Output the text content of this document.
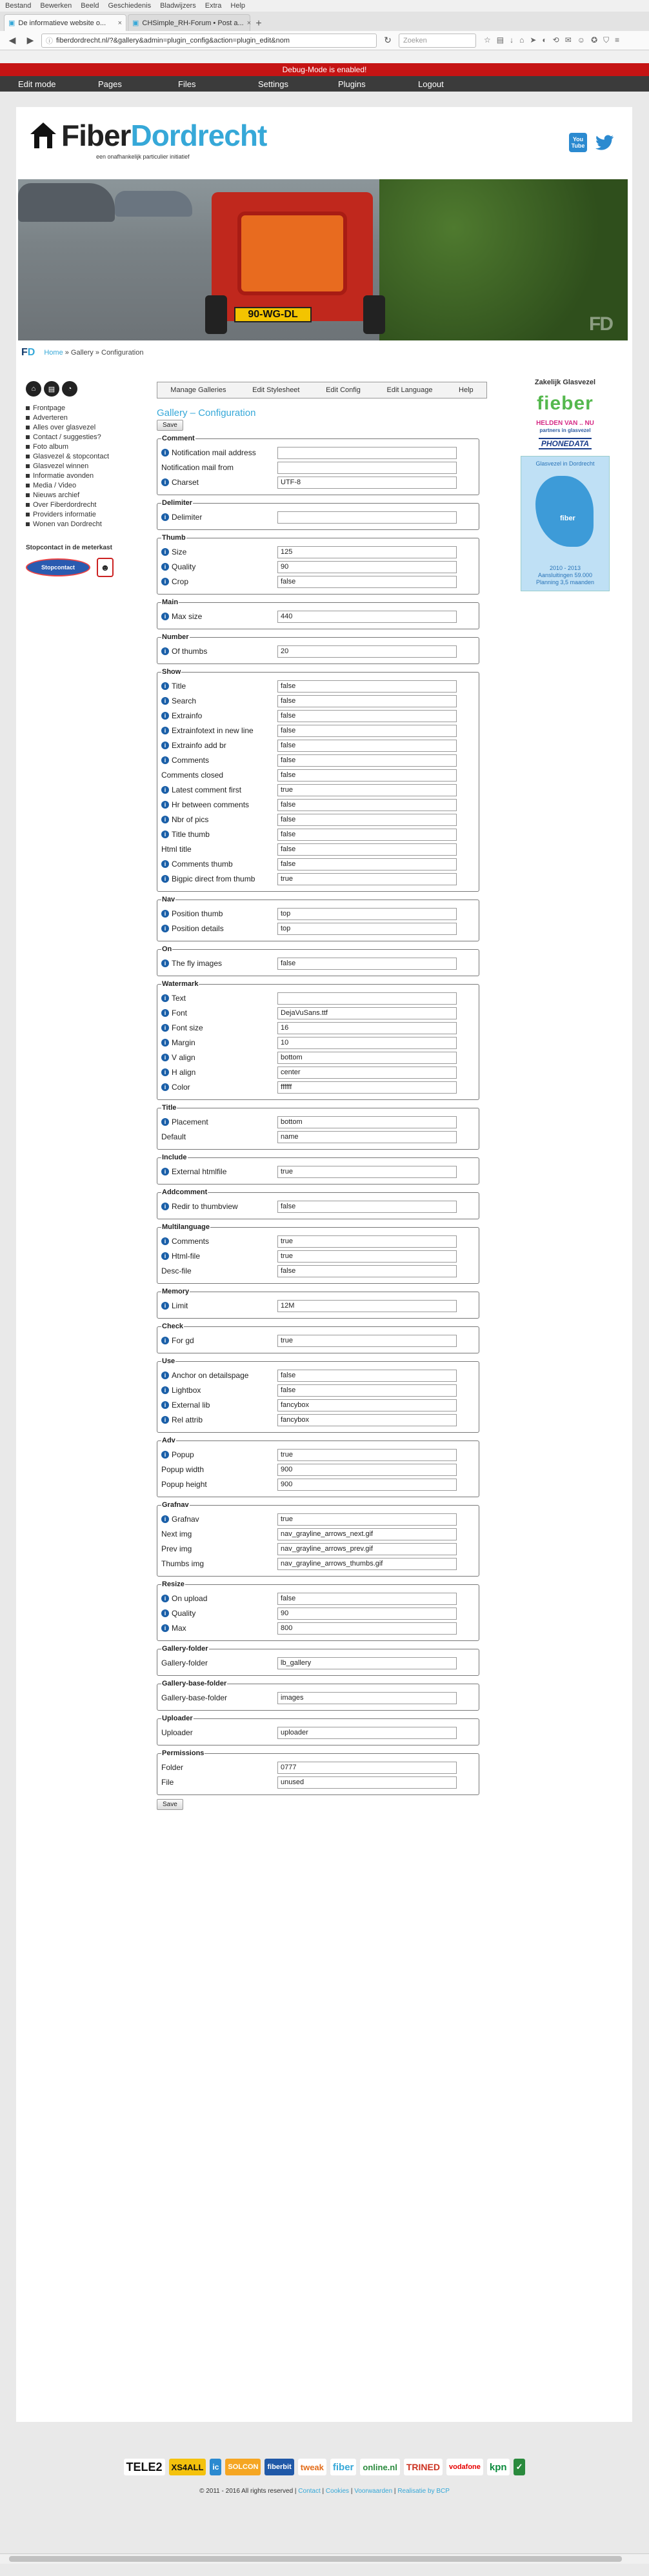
Bestand Bewerken Beeld Geschiedenis Bladwijzers Extra Help
▣ De informatieve website o... × ▣ CHSimple_RH-Forum • Post a... × +
◀	▶	ⓘ fiberdordrecht.nl/?&gallery&admin=plugin_config&action=plugin_edit&nom	↻	Zoeken	☆ ▤ ↓ ⌂ ➤ ◐ ⟲ ✉ ☺ ✪ ⛉ ≡
Debug-Mode is enabled!
Edit mode	Pages	Files	Settings	Plugins	Logout
FiberDordrecht
een onafhankelijk particulier initiatief
You Tube
90-WG-DL	FD
FD Home » Gallery » Configuration
⌂	▤	◔
Frontpage
Adverteren
Alles over glasvezel
Contact / suggesties?
Foto album
Glasvezel & stopcontact
Glasvezel winnen
Informatie avonden
Media / Video
Nieuws archief
Over Fiberdordrecht
Providers informatie
Wonen van Dordrecht
Stopcontact in de meterkast
Stopcontact	☻
Manage Galleries	Edit Stylesheet	Edit Config	Edit Language	Help
Gallery – Configuration
Save
Comment
i Notification mail address
Notification mail from
i Charset	UTF-8
Delimiter
i Delimiter
Thumb
i Size	125
i Quality	90
i Crop	false
Main
i Max size	440
Number
i Of thumbs	20
Show
i Title	false
i Search	false
i Extrainfo	false
i Extrainfotext in new line	false
i Extrainfo add br	false
i Comments	false
Comments closed	false
i Latest comment first	true
i Hr between comments	false
i Nbr of pics	false
i Title thumb	false
Html title	false
i Comments thumb	false
i Bigpic direct from thumb	true
Nav
i Position thumb	top
i Position details	top
On
i The fly images	false
Watermark
i Text
i Font	DejaVuSans.ttf
i Font size	16
i Margin	10
i V align	bottom
i H align	center
i Color	ffffff
Title
i Placement	bottom
Default	name
Include
i External htmlfile	true
Addcomment
i Redir to thumbview	false
Multilanguage
i Comments	true
i Html-file	true
Desc-file	false
Memory
i Limit	12M
Check
i For gd	true
Use
i Anchor on detailspage	false
i Lightbox	false
i External lib	fancybox
i Rel attrib	fancybox
Adv
i Popup	true
Popup width	900
Popup height	900
Grafnav
i Grafnav	true
Next img	nav_grayline_arrows_next.gif
Prev img	nav_grayline_arrows_prev.gif
Thumbs img	nav_grayline_arrows_thumbs.gif
Resize
i On upload	false
i Quality	90
i Max	800
Gallery-folder
Gallery-folder	lb_gallery
Gallery-base-folder
Gallery-base-folder	images
Uploader
Uploader	uploader
Permissions
Folder	0777
File	unused
Save
Zakelijk Glasvezel
fieber
HELDEN VAN .. NU
partners in glasvezel
PHONEDATA
Glasvezel in Dordrecht
fiber
2010 - 2013
Aansluitingen 59.000
Planning 3,5 maanden
TELE2	XS4ALL	ic	SOLCON	fiberbit	tweak fiber	online.nl TRINED	vodafone kpn	✓
© 2011 - 2016 All rights reserved | Contact | Cookies | Voorwaarden | Realisatie by BCP
